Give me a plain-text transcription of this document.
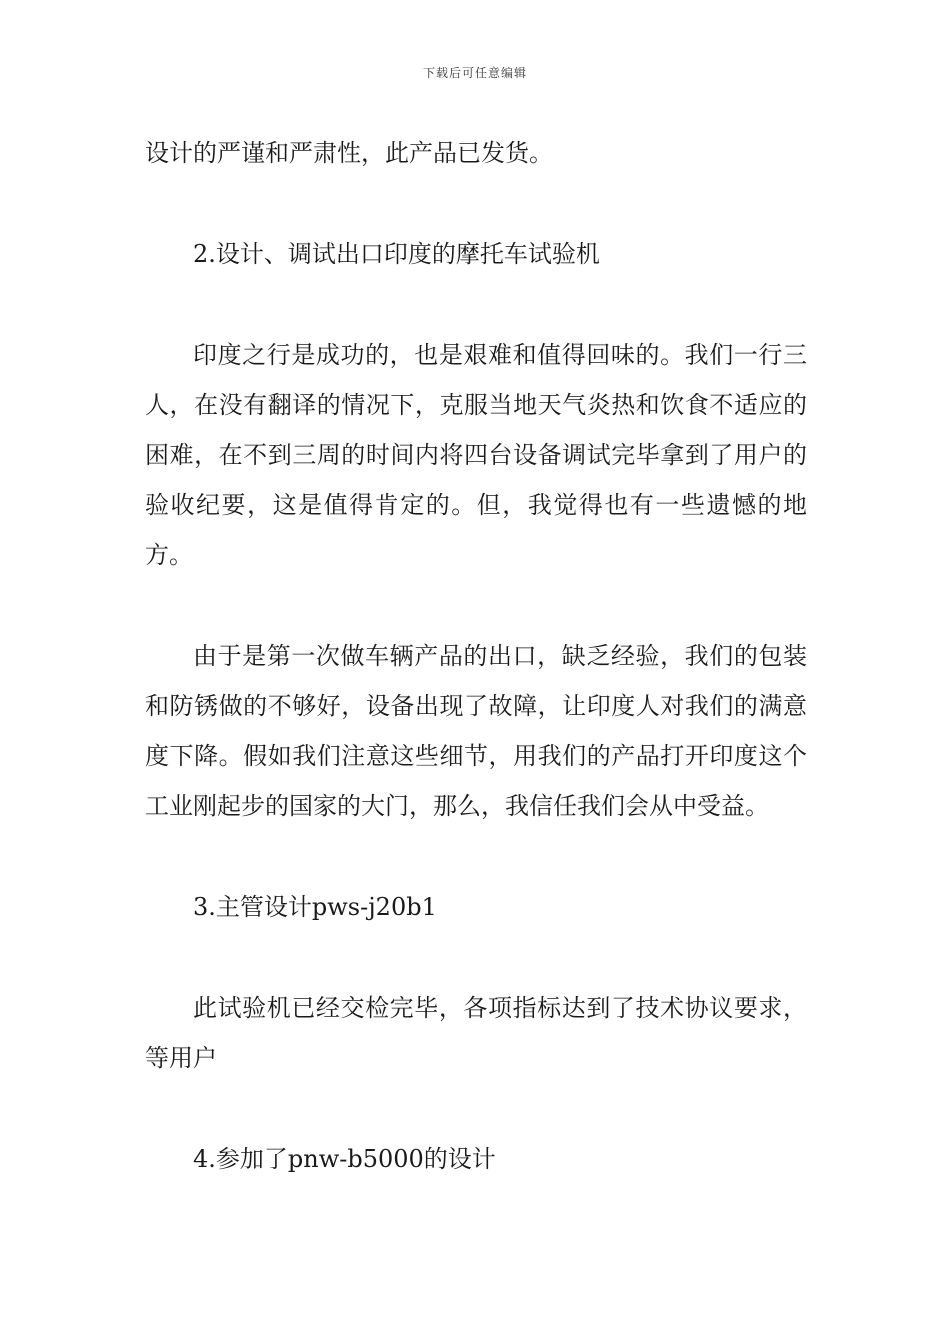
下载后可任意编辑

设计的严谨和严肃性，此产品已发货。

2.设计、调试出口印度的摩托车试验机

印度之行是成功的，也是艰难和值得回味的。我们一行三人，在没有翻译的情况下，克服当地天气炎热和饮食不适应的困难，在不到三周的时间内将四台设备调试完毕拿到了用户的验收纪要，这是值得肯定的。但，我觉得也有一些遗憾的地方。

由于是第一次做车辆产品的出口，缺乏经验，我们的包装和防锈做的不够好，设备出现了故障，让印度人对我们的满意度下降。假如我们注意这些细节，用我们的产品打开印度这个工业刚起步的国家的大门，那么，我信任我们会从中受益。

3.主管设计pws-j20b1

此试验机已经交检完毕，各项指标达到了技术协议要求，等用户

4.参加了pnw-b5000的设计
